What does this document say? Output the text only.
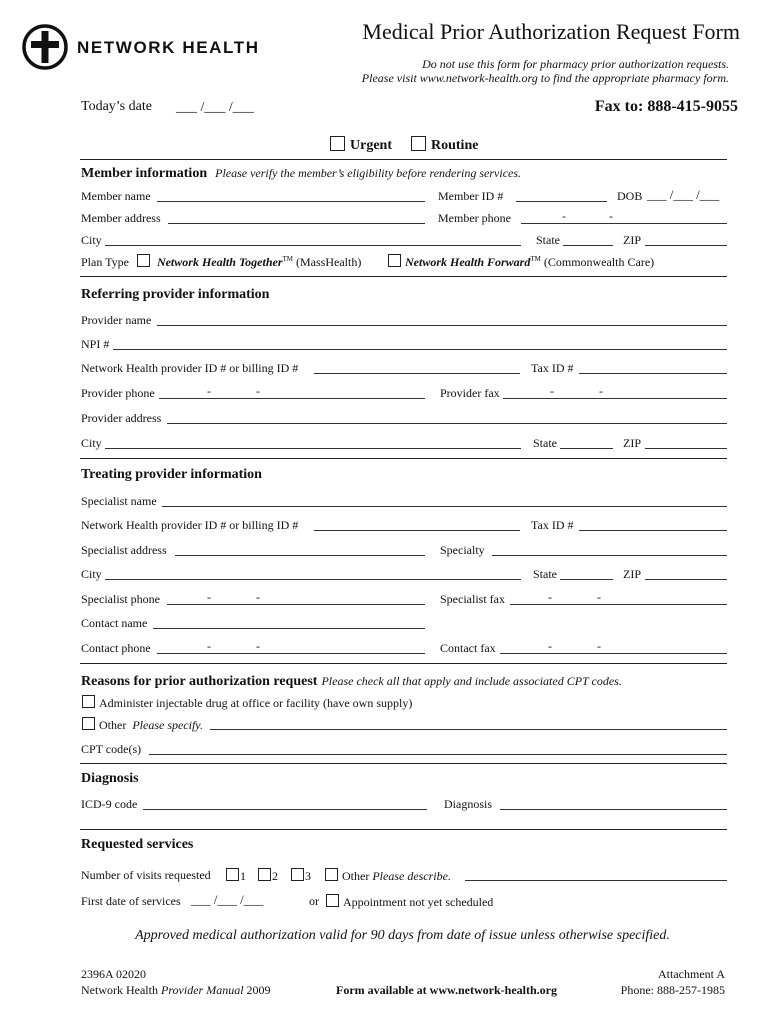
NETWORK HEALTH
Medical Prior Authorization Request Form
Do not use this form for pharmacy prior authorization requests.
Please visit www.network-health.org to find the appropriate pharmacy form.
Today’s date ___ /___ /___	Fax to: 888-415-9055
Urgent	Routine
Member information Please verify the member’s eligibility before rendering services.
Member name	Member ID #	DOB ___ /___ /___
Member address	Member phone	-	-
City	State	ZIP
Plan Type Network Health Together™ (MassHealth)	Network Health Forward™ (Commonwealth Care)
Referring provider information
Provider name
NPI #
Network Health provider ID # or billing ID #	Tax ID #
Provider phone	-	-	Provider fax	-	-
Provider address
City	State	ZIP
Treating provider information
Specialist name
Network Health provider ID # or billing ID #	Tax ID #
Specialist address	Specialty
City	State	ZIP
Specialist phone	-	-	Specialist fax	-	-
Contact name
Contact phone	-	-	Contact fax	-	-
Reasons for prior authorization request Please check all that apply and include associated CPT codes.
Administer injectable drug at office or facility (have own supply)
Other Please specify.
CPT code(s)
Diagnosis
ICD-9 code	Diagnosis
Requested services
Number of visits requested	1	2	3	Other Please describe.
First date of services ___ /___ /___	or	Appointment not yet scheduled
Approved medical authorization valid for 90 days from date of issue unless otherwise specified.
2396A 02020
Network Health Provider Manual 2009	Form available at www.network-health.org
Attachment A
Phone: 888-257-1985
